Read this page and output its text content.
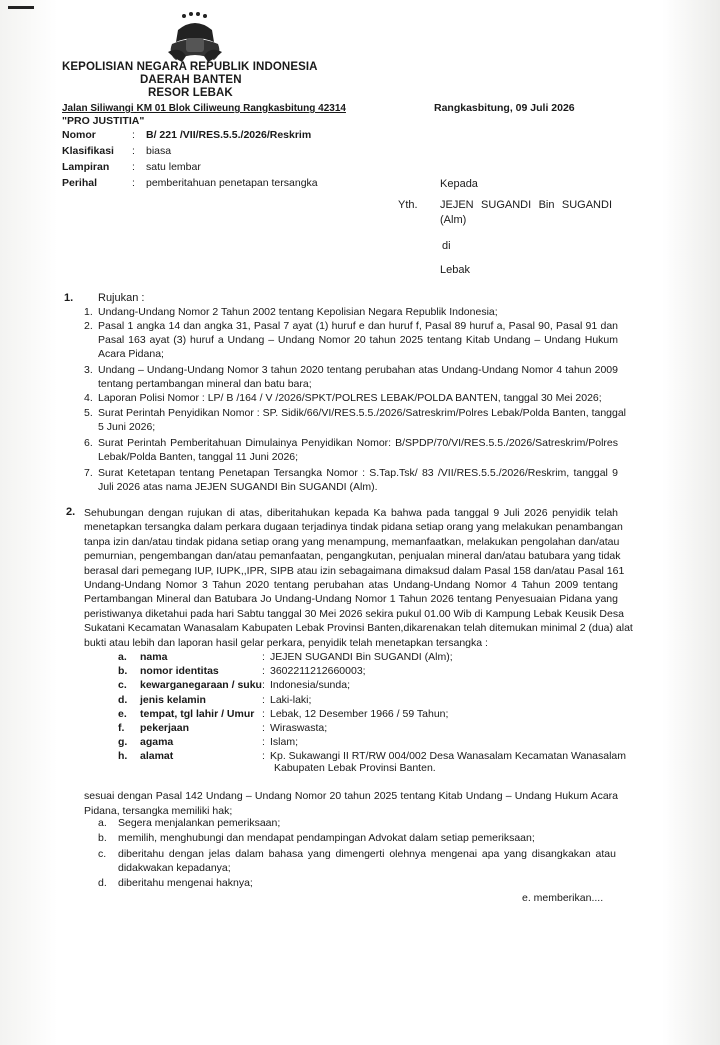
KEPOLISIAN NEGARA REPUBLIK INDONESIA
DAERAH BANTEN
RESOR LEBAK
Jalan Siliwangi KM 01 Blok Ciliweung Rangkasbitung 42314	Rangkasbitung, 09 Juli 2026
"PRO JUSTITIA"
Nomor	: B/ 221 /VII/RES.5.5./2026/Reskrim
Klasifikasi : biasa
Lampiran : satu lembar
Perihal	: pemberitahuan penetapan tersangka	Kepada
Yth. JEJEN SUGANDI Bin SUGANDI
(Alm)
di
Lebak
1. Rujukan :
1. Undang-Undang Nomor 2 Tahun 2002 tentang Kepolisian Negara Republik Indonesia;
2. Pasal 1 angka 14 dan angka 31, Pasal 7 ayat (1) huruf e dan huruf f, Pasal 89 huruf a, Pasal 90, Pasal 91 dan
Pasal 163 ayat (3) huruf a Undang – Undang Nomor 20 tahun 2025 tentang Kitab Undang – Undang Hukum
Acara Pidana;
3. Undang – Undang-Undang Nomor 3 tahun 2020 tentang perubahan atas Undang-Undang Nomor 4 tahun 2009
tentang pertambangan mineral dan batu bara;
4. Laporan Polisi Nomor : LP/ B /164 / V /2026/SPKT/POLRES LEBAK/POLDA BANTEN, tanggal 30 Mei 2026;
5. Surat Perintah Penyidikan Nomor : SP. Sidik/66/VI/RES.5.5./2026/Satreskrim/Polres Lebak/Polda Banten, tanggal
5 Juni 2026;
6. Surat Perintah Pemberitahuan Dimulainya Penyidikan Nomor: B/SPDP/70/VI/RES.5.5./2026/Satreskrim/Polres
Lebak/Polda Banten, tanggal 11 Juni 2026;
7. Surat Ketetapan tentang Penetapan Tersangka Nomor : S.Tap.Tsk/ 83 /VII/RES.5.5./2026/Reskrim, tanggal 9
Juli 2026 atas nama JEJEN SUGANDI Bin SUGANDI (Alm).
2. Sehubungan dengan rujukan di atas, diberitahukan kepada Ka bahwa pada tanggal 9 Juli 2026 penyidik telah
menetapkan tersangka dalam perkara dugaan terjadinya tindak pidana setiap orang yang melakukan penambangan
tanpa izin dan/atau tindak pidana setiap orang yang menampung, memanfaatkan, melakukan pengolahan dan/atau
pemurnian, pengembangan dan/atau pemanfaatan, pengangkutan, penjualan mineral dan/atau batubara yang tidak
berasal dari pemegang IUP, IUPK,,IPR, SIPB atau izin sebagaimana dimaksud dalam Pasal 158 dan/atau Pasal 161
Undang-Undang Nomor 3 Tahun 2020 tentang perubahan atas Undang-Undang Nomor 4 Tahun 2009 tentang
Pertambangan Mineral dan Batubara Jo Undang-Undang Nomor 1 Tahun 2026 tentang Penyesuaian Pidana yang
peristiwanya diketahui pada hari Sabtu tanggal 30 Mei 2026 sekira pukul 01.00 Wib di Kampung Lebak Keusik Desa
Sukatani Kecamatan Wanasalam Kabupaten Lebak Provinsi Banten,dikarenakan telah ditemukan minimal 2 (dua) alat
bukti atau lebih dan laporan hasil gelar perkara, penyidik telah menetapkan tersangka :
a.	nama	: JEJEN SUGANDI Bin SUGANDI (Alm);
b.	nomor identitas	: 3602211212660003;
c.	kewarganegaraan / suku : Indonesia/sunda;
d.	jenis kelamin	: Laki-laki;
e.	tempat, tgl lahir / Umur : Lebak, 12 Desember 1966 / 59 Tahun;
f.	pekerjaan	: Wiraswasta;
g.	agama	: Islam;
h.	alamat	: Kp. Sukawangi II RT/RW 004/002 Desa Wanasalam Kecamatan Wanasalam
Kabupaten Lebak Provinsi Banten.
sesuai dengan Pasal 142 Undang – Undang Nomor 20 tahun 2025 tentang Kitab Undang – Undang Hukum Acara
Pidana, tersangka memiliki hak;
a. Segera menjalankan pemeriksaan;
b. memilih, menghubungi dan mendapat pendampingan Advokat dalam setiap pemeriksaan;
c. diberitahu dengan jelas dalam bahasa yang dimengerti olehnya mengenai apa yang disangkakan atau
didakwakan kepadanya;
d. diberitahu mengenai haknya;
e. memberikan....
